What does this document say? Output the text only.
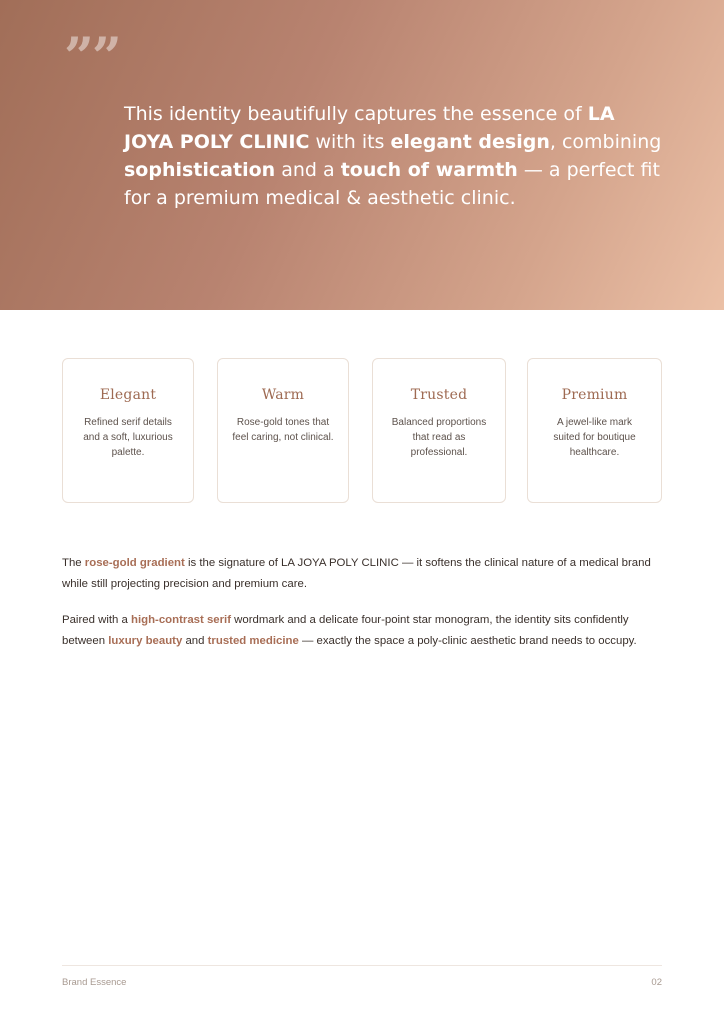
””
This identity beautifully captures the essence of LA JOYA POLY CLINIC with its elegant design, combining sophistication and a touch of warmth — a perfect fit for a premium medical & aesthetic clinic.
Elegant
Refined serif details and a soft, luxurious palette.
Warm
Rose-gold tones that feel caring, not clinical.
Trusted
Balanced proportions that read as professional.
Premium
A jewel-like mark suited for boutique healthcare.
The rose-gold gradient is the signature of LA JOYA POLY CLINIC — it softens the clinical nature of a medical brand while still projecting precision and premium care.
Paired with a high-contrast serif wordmark and a delicate four-point star monogram, the identity sits confidently between luxury beauty and trusted medicine — exactly the space a poly-clinic aesthetic brand needs to occupy.
Brand Essence	02
